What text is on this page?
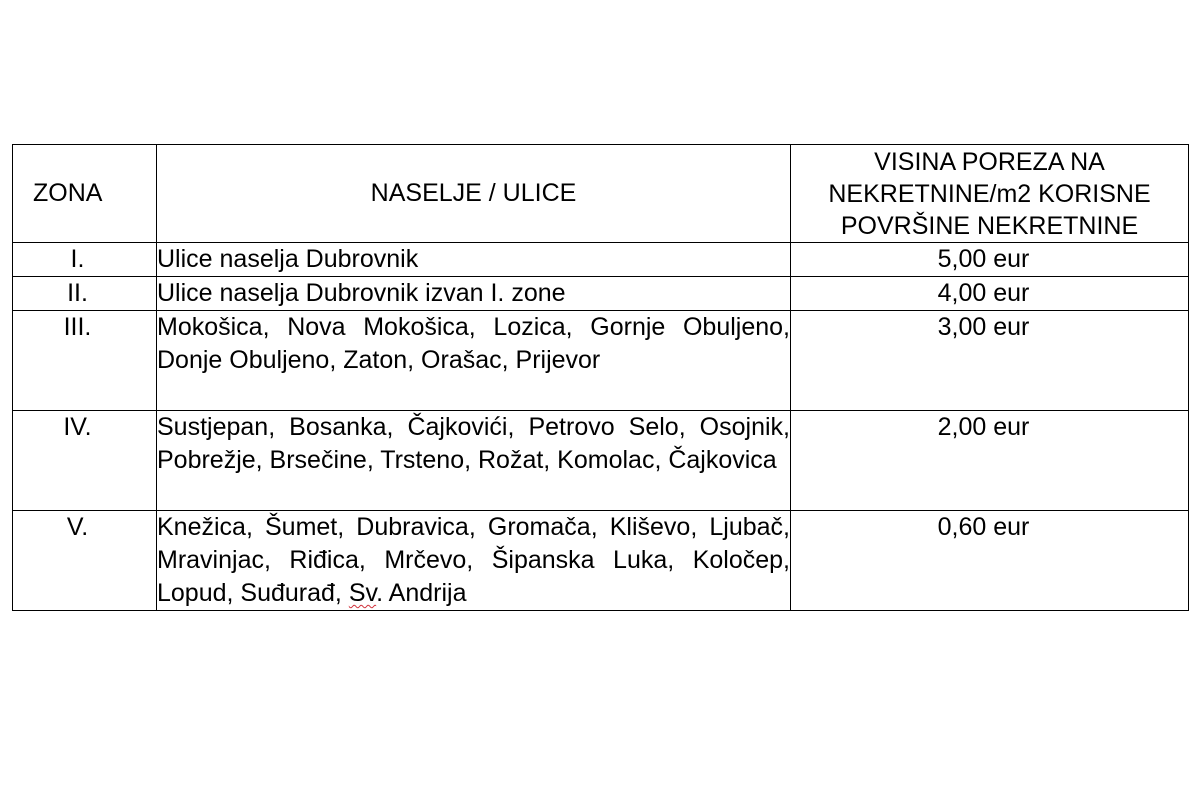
ZONA	NASELJE / ULICE	VISINA POREZA NA
NEKRETNINE/m2 KORISNE
POVRŠINE NEKRETNINE

I.	Ulice naselja Dubrovnik	5,00 eur
II.	Ulice naselja Dubrovnik izvan I. zone	4,00 eur
III.	Mokošica, Nova Mokošica, Lozica, Gornje Obuljeno, Donje Obuljeno, Zaton, Orašac, Prijevor	3,00 eur
IV.	Sustjepan, Bosanka, Čajkovići, Petrovo Selo, Osojnik, Pobrežje, Brsečine, Trsteno, Rožat, Komolac, Čajkovica	2,00 eur
V.	Knežica, Šumet, Dubravica, Gromača, Kliševo, Ljubač, Mravinjac, Riđica, Mrčevo, Šipanska Luka, Koločep, Lopud, Suđurađ, Sv. Andrija	0,60 eur
